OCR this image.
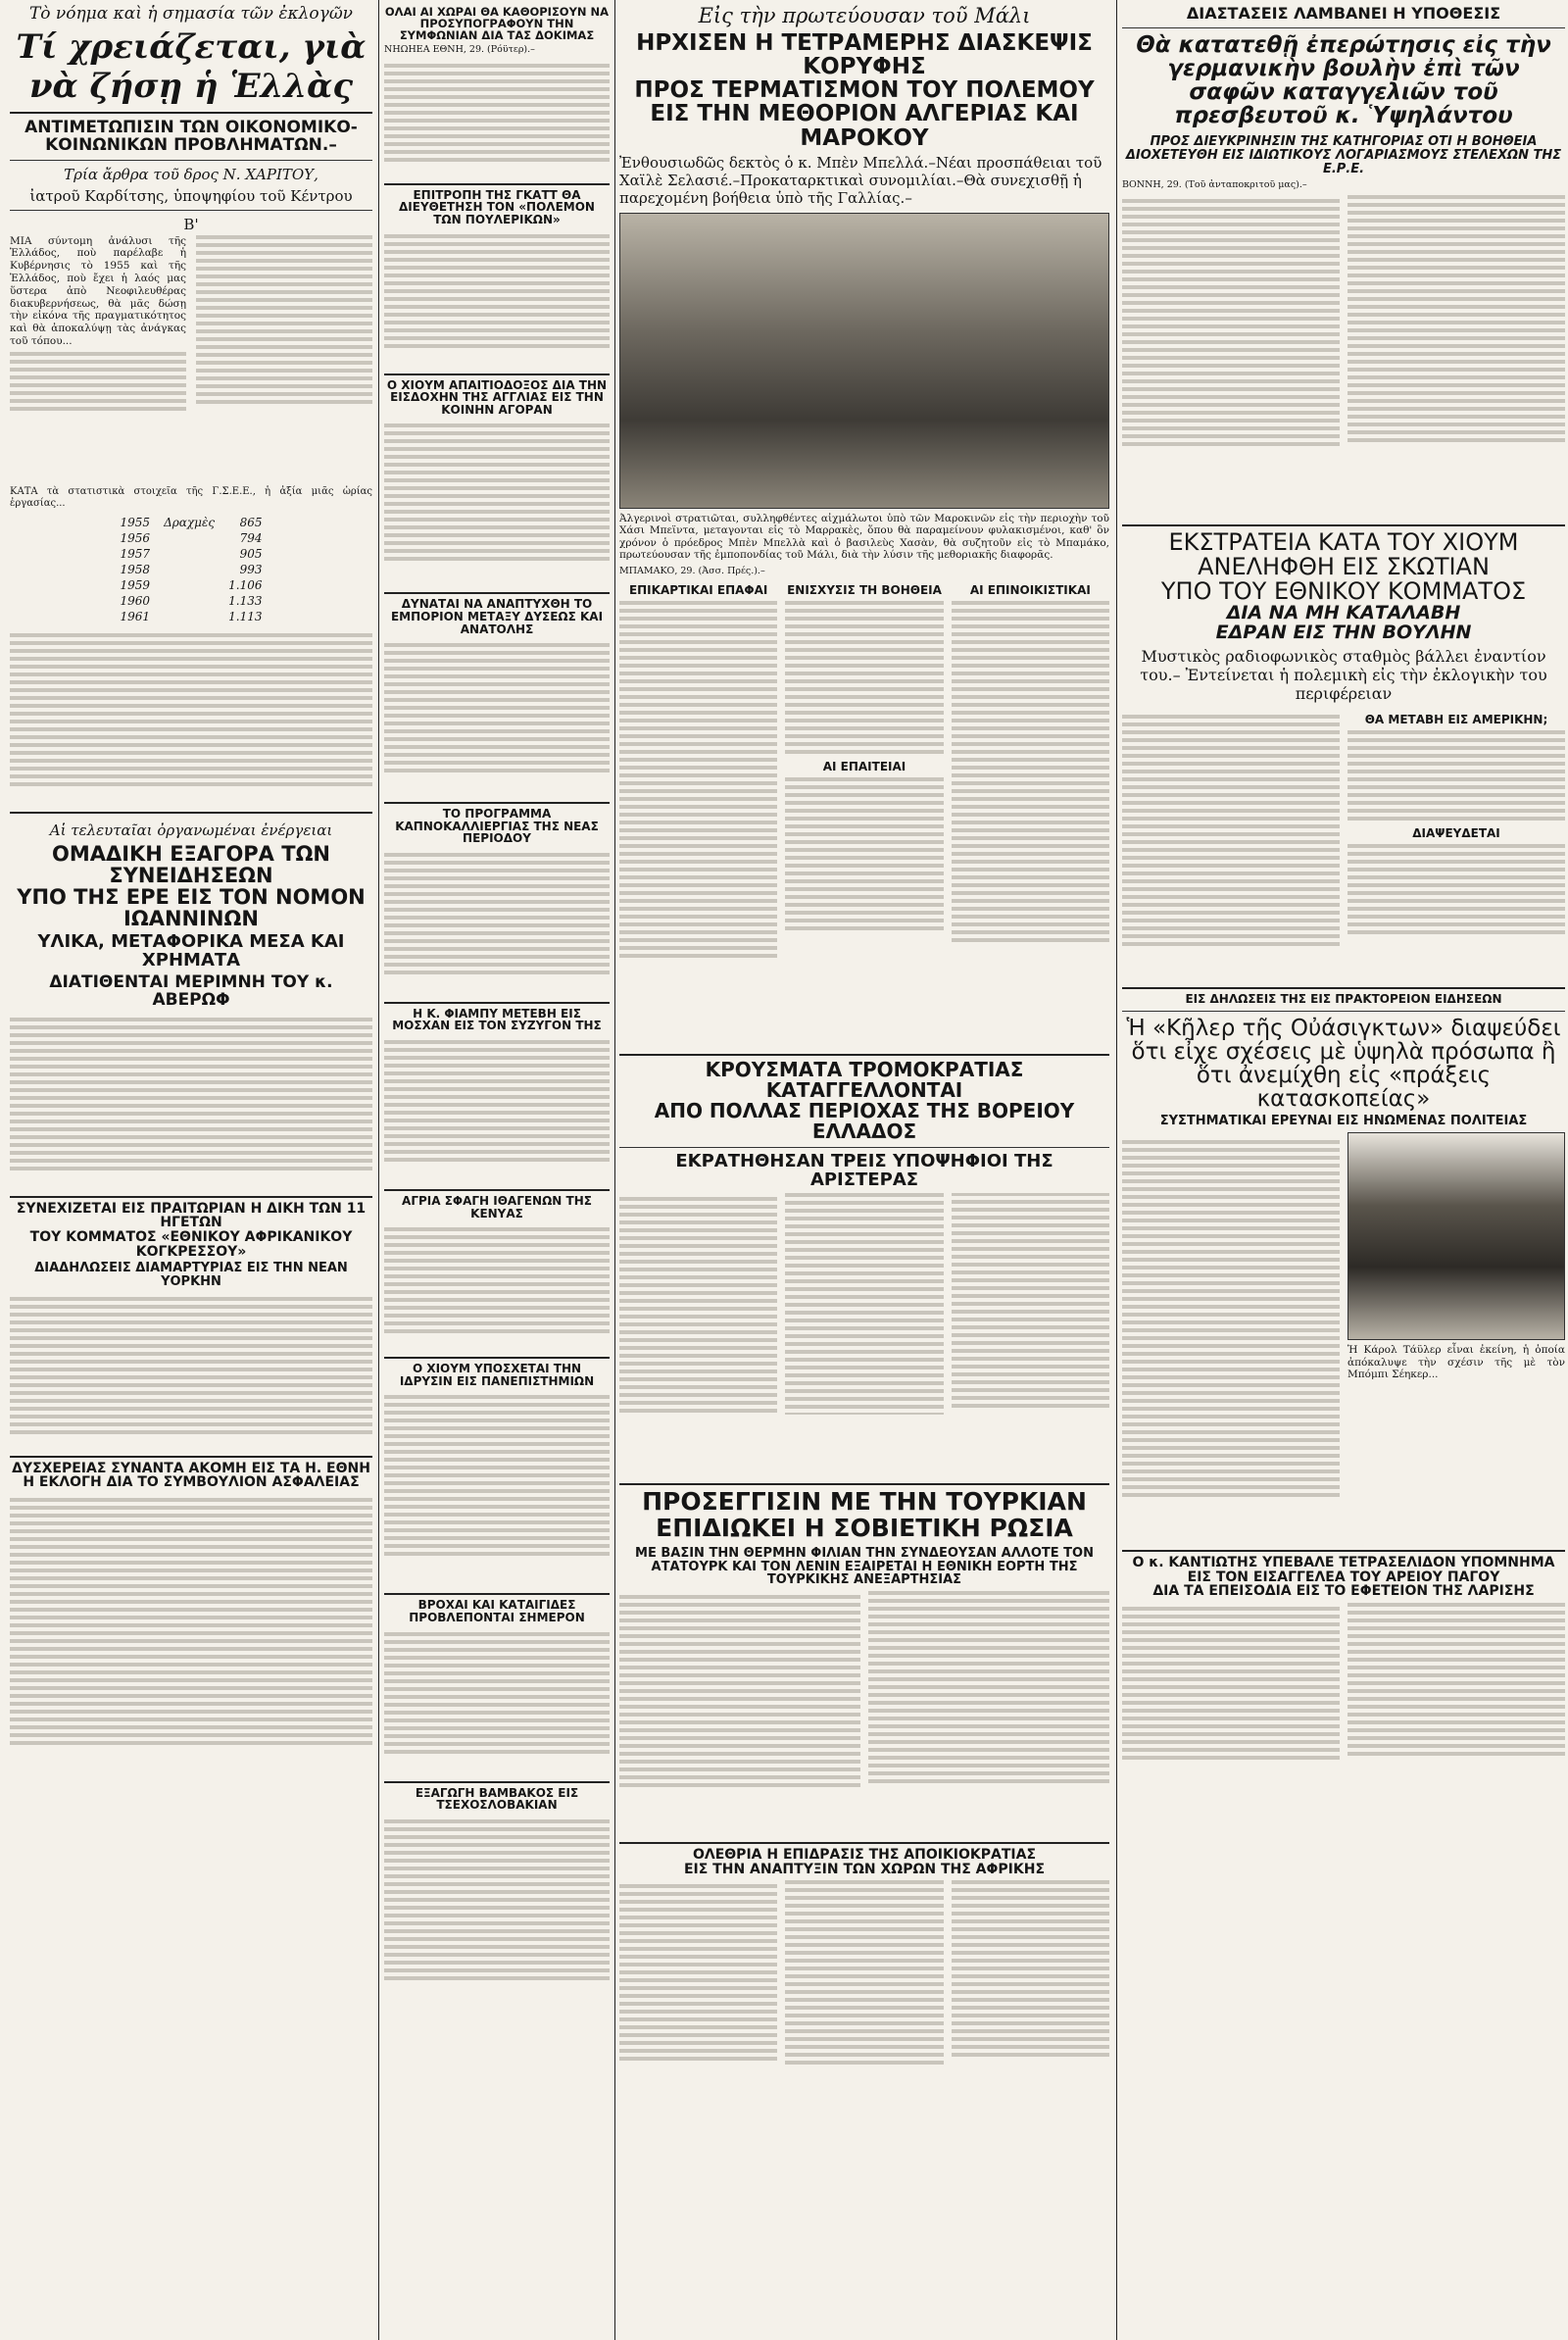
Τὸ νόημα καὶ ἡ σημασία τῶν ἐκλογῶν
Τί χρειάζεται, γιὰ νὰ ζήσῃ ἡ Ἑλλὰς
ΑΝΤΙΜΕΤΩΠΙΣΙΝ ΤΩΝ ΟΙΚΟΝΟΜΙΚΟ-ΚΟΙΝΩΝΙΚΩΝ ΠΡΟΒΛΗΜΑΤΩΝ.–
Τρία ἄρθρα τοῦ δρος Ν. ΧΑΡΙΤΟΥ,
ἰατροῦ Καρδίτσης, ὑποψηφίου τοῦ Κέντρου
Β'
ΜΙΑ σύντομη ἀνάλυσι τῆς Ἑλλάδος, ποὺ παρέλαβε ἡ Κυβέρνησις τὸ 1955 καὶ τῆς Ἑλλάδος, ποὺ ἔχει ἡ λαός μας ὕστερα ἀπὸ Νεοφιλευθέρας διακυβερνήσεως, θὰ μᾶς δώσῃ τὴν εἰκόνα τῆς πραγματικότητος καὶ θὰ ἀποκαλύψῃ τὰς ἀνάγκας τοῦ τόπου...
ΚΑΤΑ τὰ στατιστικὰ στοιχεῖα τῆς Γ.Σ.Ε.Ε., ἡ ἀξία μιᾶς ὡρίας ἐργασίας...
1955	Δραχμὲς	865
1956		794
1957		905
1958		993
1959		1.106
1960		1.133
1961		1.113
Αἱ τελευταῖαι ὀργανωμέναι ἐνέργειαι
ΟΜΑΔΙΚΗ ΕΞΑΓΟΡΑ ΤΩΝ ΣΥΝΕΙΔΗΣΕΩΝ
ΥΠΟ ΤΗΣ ΕΡΕ ΕΙΣ ΤΟΝ ΝΟΜΟΝ ΙΩΑΝΝΙΝΩΝ
ΥΛΙΚΑ, ΜΕΤΑΦΟΡΙΚΑ ΜΕΣΑ ΚΑΙ ΧΡΗΜΑΤΑ
ΔΙΑΤΙΘΕΝΤΑΙ ΜΕΡΙΜΝΗ ΤΟΥ κ. ΑΒΕΡΩΦ
ΣΥΝΕΧΙΖΕΤΑΙ ΕΙΣ ΠΡΑΙΤΩΡΙΑΝ Η ΔΙΚΗ ΤΩΝ 11 ΗΓΕΤΩΝ
ΤΟΥ ΚΟΜΜΑΤΟΣ «ΕΘΝΙΚΟΥ ΑΦΡΙΚΑΝΙΚΟΥ ΚΟΓΚΡΕΣΣΟΥ»
ΔΙΑΔΗΛΩΣΕΙΣ ΔΙΑΜΑΡΤΥΡΙΑΣ ΕΙΣ ΤΗΝ ΝΕΑΝ ΥΟΡΚΗΝ
ΔΥΣΧΕΡΕΙΑΣ ΣΥΝΑΝΤΑ ΑΚΟΜΗ ΕΙΣ ΤΑ Η. ΕΘΝΗ
Η ΕΚΛΟΓΗ ΔΙΑ ΤΟ ΣΥΜΒΟΥΛΙΟΝ ΑΣΦΑΛΕΙΑΣ
ΟΛΑΙ ΑΙ ΧΩΡΑΙ ΘΑ ΚΑΘΟΡΙΣΟΥΝ ΝΑ ΠΡΟΣΥΠΟΓΡΑΦΟΥΝ ΤΗΝ ΣΥΜΦΩΝΙΑΝ ΔΙΑ ΤΑΣ ΔΟΚΙΜΑΣ
ΝΗΩΗΕΑ ΕΘΝΗ, 29. (Ρόϋτερ).–
ΕΠΙΤΡΟΠΗ ΤΗΣ ΓΚΑΤΤ ΘΑ ΔΙΕΥΘΕΤΗΣΗ ΤΟΝ «ΠΟΛΕΜΟΝ ΤΩΝ ΠΟΥΛΕΡΙΚΩΝ»
Ο ΧΙΟΥΜ ΑΠΑΙΤΙΟΔΟΞΟΣ ΔΙΑ ΤΗΝ ΕΙΣΔΟΧΗΝ ΤΗΣ ΑΓΓΛΙΑΣ ΕΙΣ ΤΗΝ ΚΟΙΝΗΝ ΑΓΟΡΑΝ
ΔΥΝΑΤΑΙ ΝΑ ΑΝΑΠΤΥΧΘΗ ΤΟ ΕΜΠΟΡΙΟΝ ΜΕΤΑΞΥ ΔΥΣΕΩΣ ΚΑΙ ΑΝΑΤΟΛΗΣ
ΤΟ ΠΡΟΓΡΑΜΜΑ ΚΑΠΝΟΚΑΛΛΙΕΡΓΙΑΣ ΤΗΣ ΝΕΑΣ ΠΕΡΙΟΔΟΥ
Η Κ. ΦΙΑΜΠΥ ΜΕΤΕΒΗ ΕΙΣ ΜΟΣΧΑΝ ΕΙΣ ΤΟΝ ΣΥΖΥΓΟΝ ΤΗΣ
ΑΓΡΙΑ ΣΦΑΓΗ ΙΘΑΓΕΝΩΝ ΤΗΣ ΚΕΝΥΑΣ
Ο ΧΙΟΥΜ ΥΠΟΣΧΕΤΑΙ ΤΗΝ ΙΔΡΥΣΙΝ ΕΙΣ ΠΑΝΕΠΙΣΤΗΜΙΩΝ
ΒΡΟΧΑΙ ΚΑΙ ΚΑΤΑΙΓΙΔΕΣ ΠΡΟΒΛΕΠΟΝΤΑΙ ΣΗΜΕΡΟΝ
ΕΞΑΓΩΓΗ ΒΑΜΒΑΚΟΣ ΕΙΣ ΤΣΕΧΟΣΛΟΒΑΚΙΑΝ
Εἰς τὴν πρωτεύουσαν τοῦ Μάλι
ΗΡΧΙΣΕΝ Η ΤΕΤΡΑΜΕΡΗΣ ΔΙΑΣΚΕΨΙΣ ΚΟΡΥΦΗΣ
ΠΡΟΣ ΤΕΡΜΑΤΙΣΜΟΝ ΤΟΥ ΠΟΛΕΜΟΥ
ΕΙΣ ΤΗΝ ΜΕΘΟΡΙΟΝ ΑΛΓΕΡΙΑΣ ΚΑΙ ΜΑΡΟΚΟΥ
Ἐνθουσιωδῶς δεκτὸς ὁ κ. Μπὲν Μπελλά.–Νέαι προσπάθειαι τοῦ Χαϊλὲ Σελασιέ.–Προκαταρκτικαὶ συνομιλίαι.–Θὰ συνεχισθῇ ἡ παρεχομένη βοήθεια ὑπὸ τῆς Γαλλίας.–
Ἀλγερινοὶ στρατιῶται, συλληφθέντες αἰχμάλωτοι ὑπὸ τῶν Μαροκινῶν εἰς τὴν περιοχὴν τοῦ Χάσι Μπεϊντα, μεταγονται εἰς τὸ Μαρρακὲς, ὅπου θὰ παραμείνουν φυλακισμένοι, καθ' ὃν χρόνον ὁ πρόεδρος Μπὲν Μπελλὰ καὶ ὁ βασιλεὺς Χασὰν, θὰ συζητοῦν εἰς τὸ Μπαμάκο, πρωτεύουσαν τῆς ἐμποπονδίας τοῦ Μάλι, διὰ τὴν λύσιν τῆς μεθοριακῆς διαφορᾶς.
ΜΠΑΜΑΚΟ, 29. (Ἀσσ. Πρές.).–
ΕΠΙΚΑΡΤΙΚΑΙ ΕΠΑΦΑΙ	ΕΝΙΣΧΥΣΙΣ ΤΗ ΒΟΗΘΕΙΑ
ΑΙ ΕΠΑΙΤΕΙΑΙ
ΑΙ ΕΠΙΝΟΙΚΙΣΤΙΚΑΙ
ΚΡΟΥΣΜΑΤΑ ΤΡΟΜΟΚΡΑΤΙΑΣ ΚΑΤΑΓΓΕΛΛΟΝΤΑΙ
ΑΠΟ ΠΟΛΛΑΣ ΠΕΡΙΟΧΑΣ ΤΗΣ ΒΟΡΕΙΟΥ ΕΛΛΑΔΟΣ
ΕΚΡΑΤΗΘΗΣΑΝ ΤΡΕΙΣ ΥΠΟΨΗΦΙΟΙ ΤΗΣ ΑΡΙΣΤΕΡΑΣ
ΠΡΟΣΕΓΓΙΣΙΝ ΜΕ ΤΗΝ ΤΟΥΡΚΙΑΝ
ΕΠΙΔΙΩΚΕΙ Η ΣΟΒΙΕΤΙΚΗ ΡΩΣΙΑ
ΜΕ ΒΑΣΙΝ ΤΗΝ ΘΕΡΜΗΝ ΦΙΛΙΑΝ ΤΗΝ ΣΥΝΔΕΟΥΣΑΝ ΑΛΛΟΤΕ ΤΟΝ ΑΤΑΤΟΥΡΚ ΚΑΙ ΤΟΝ ΛΕΝΙΝ ΕΞΑΙΡΕΤΑΙ Η ΕΘΝΙΚΗ ΕΟΡΤΗ ΤΗΣ ΤΟΥΡΚΙΚΗΣ ΑΝΕΞΑΡΤΗΣΙΑΣ
ΟΛΕΘΡΙΑ Η ΕΠΙΔΡΑΣΙΣ ΤΗΣ ΑΠΟΙΚΙΟΚΡΑΤΙΑΣ
ΕΙΣ ΤΗΝ ΑΝΑΠΤΥΞΙΝ ΤΩΝ ΧΩΡΩΝ ΤΗΣ ΑΦΡΙΚΗΣ
ΔΙΑΣΤΑΣΕΙΣ ΛΑΜΒΑΝΕΙ Η ΥΠΟΘΕΣΙΣ
Θὰ κατατεθῇ ἐπερώτησις εἰς τὴν γερμανικὴν βουλὴν ἐπὶ τῶν σαφῶν καταγγελιῶν τοῦ πρεσβευτοῦ κ. Ὑψηλάντου
ΠΡΟΣ ΔΙΕΥΚΡΙΝΗΣΙΝ ΤΗΣ ΚΑΤΗΓΟΡΙΑΣ ΟΤΙ Η ΒΟΗΘΕΙΑ ΔΙΟΧΕΤΕΥΘΗ ΕΙΣ ΙΔΙΩΤΙΚΟΥΣ ΛΟΓΑΡΙΑΣΜΟΥΣ ΣΤΕΛΕΧΩΝ ΤΗΣ Ε.Ρ.Ε.
ΒΟΝΝΗ, 29. (Τοῦ ἀνταποκριτοῦ μας).–
ΕΚΣΤΡΑΤΕΙΑ ΚΑΤΑ ΤΟΥ ΧΙΟΥΜ
ΑΝΕΛΗΦΘΗ ΕΙΣ ΣΚΩΤΙΑΝ
ΥΠΟ ΤΟΥ ΕΘΝΙΚΟΥ ΚΟΜΜΑΤΟΣ
ΔΙΑ ΝΑ ΜΗ ΚΑΤΑΛΑΒΗ
ΕΔΡΑΝ ΕΙΣ ΤΗΝ ΒΟΥΛΗΝ
Μυστικὸς ραδιοφωνικὸς σταθμὸς βάλλει ἐναντίον του.– Ἐντείνεται ἡ πολεμικὴ εἰς τὴν ἐκλογικὴν του περιφέρειαν
ΘΑ ΜΕΤΑΒΗ ΕΙΣ ΑΜΕΡΙΚΗΝ;
ΔΙΑΨΕΥΔΕΤΑΙ
ΕΙΣ ΔΗΛΩΣΕΙΣ ΤΗΣ ΕΙΣ ΠΡΑΚΤΟΡΕΙΟΝ ΕΙΔΗΣΕΩΝ
Ἡ «Κῆλερ τῆς Οὐάσιγκτων» διαψεύδει ὅτι εἶχε σχέσεις μὲ ὑψηλὰ πρόσωπα ἢ ὅτι ἀνεμίχθη εἰς «πράξεις κατασκοπείας»
ΣΥΣΤΗΜΑΤΙΚΑΙ ΕΡΕΥΝΑΙ ΕΙΣ ΗΝΩΜΕΝΑΣ ΠΟΛΙΤΕΙΑΣ
Ἡ Κάρολ Τάϋλερ εἶναι ἐκείνη, ἡ ὁποία ἀπόκαλυψε τὴν σχέσιν τῆς μὲ τὸν Μπόμπι Σέηκερ...
Ο κ. ΚΑΝΤΙΩΤΗΣ ΥΠΕΒΑΛΕ ΤΕΤΡΑΣΕΛΙΔΟΝ ΥΠΟΜΝΗΜΑ
ΕΙΣ ΤΟΝ ΕΙΣΑΓΓΕΛΕΑ ΤΟΥ ΑΡΕΙΟΥ ΠΑΓΟΥ
ΔΙΑ ΤΑ ΕΠΕΙΣΟΔΙΑ ΕΙΣ ΤΟ ΕΦΕΤΕΙΟΝ ΤΗΣ ΛΑΡΙΣΗΣ
